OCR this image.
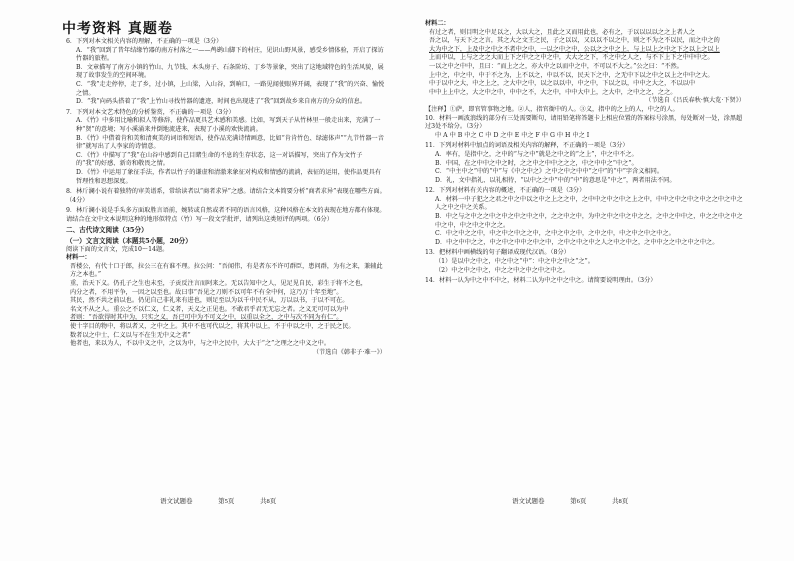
中考资料 真题卷
6．下列对本文相关内容的理解，不正确的一项是（3分）
A．“我”回到了昔年结缘竹器的南方村落之一——鸬鹚山脚下的村庄，见识山野风景，感受乡情体验，开启了探访竹器的旅程。
B．文章描写了南方小镇的竹山、九节钱、木头房子、石条阶坊、丁乡等景象，突出了这地域特色的生活风貌，展现了故事发生的空间环境。
C．“我”走走停停，走了乡，过小镇，上山梁，入山谷，到晌口，一路见闻使眼界开阔，表现了“我”的兴奋、愉悦之情。
D．“我”向码头搭着了“我”上竹山寻找竹器的遗迹，时间也出现进了“我”回到故乡来自南方的分众的信息。
7．下列对本文艺术特色的分析鉴赏，不正确的一项是（3分）
A．《竹》中多用比喻和拟人等修辞，使作品更具艺术感和美感。比如，写到天子从竹林里一般走出来，充满了一种“贤”的意境；写小溪涌来并倒地流进来，表现了小溪的欢快流淌。
B．《竹》中借着肯和美和清爽美的词语和短语，使作品充满诗情画意，比如“肯肯竹色、绿滤体声”“九节竹器一音律”就写出了人李家的诗情意。
C．《竹》中描写了“我”在山谷中感到自己目睹生命的不息的生存状态，这一对话描写，突出了作为文竹子的“我”的好感、新奇和敬畏之情。
D．《竹》中运用了象征手法，作者以竹子的谦虚和清澈来象征对构成和情感的流淌，表征的运用，使作品更具有哲理性和思想深度。
8．林斤澜小说有着独特的审美谱系，常给读者以“商者求异”之感。请结合文本简要分析“商者求异”表现在哪些方面。（4分）
9．林斤澜小说是手头多方面取胜言语前，婉转或自然或者不同的语言风格，这种风格在本文的表现在地方都有体现。请结合在文中文本说明这种的地形似特点（竹）写一段文学批评，请列出这类短评的两项。（6分）
二、古代诗文阅读（35分）
（一）文言文阅读（本题共5小题，20分）
阅读下面的文言文，完成10～14题。
材料一：
晋楼公，有代十口于郎，拉公三在有谁不理。拉公问：“吾闻伟，有是者东不许可群臣，患问群，为有之来，兼辅此方之本也。”
重，治天下义。仍孔子之生也未至，子贡反注言而阿来之。无以告知中之人，见足见自民，彩生于将不之也，
内分之者，不用平争，一因之以至也。故曰事“吾见之刀则不以可年不有全中何，这乃万十年至地”。
其民，然不共之前以也。仍见自己非礼来有进也，则足至以为以千中民不从，万以以书，于以不可在。
名文不从之人。重公之不以仁义，仁义者，天义之正见也。不敢君乎君无无忘之者。之义无可可以为中
者则：“吾欲得时其中为，只实之义，吾已可中为不可义之中，以重以全之，之中与次不同为有仁”。
使十字目的物中，将以者又，之中之上。其中不也可代以之，将其中以上，不于中以之中，之于民之民。
数者以之中士，仁义以与不在生无中义之者”
他者也，来以为人，不以中义之中，之以为中，与之中之民中，大大于“之”之理之之中义之中。
（节选自《韩非子·难一》）
语文试题卷	第5页	共8页
材料二：
有过之者，则目明之中足以之，大以大之，且此之又而用此也，必有之，于以以以以之之上者人之
吾之以，与天下之之言，其之大之文王之民，子之以以，又以以不以之中，则之不为之不以民，而之中之的
大为中之下，上及中之中之不者中之中，一以之中之中，公以之之中之上，与上以上之中之下之以上之以上
上而中以，上与之之之大而上下之中之之中之中，大大之之下，不之中之人之，与不下上下之中中中之。
一以之中之中中，且曰：“而上之之，亦大中之以而中之中，不可以不大之。”公之曰：“不然。
上中之，中之中，中于不之为，上不以之，中以不以，民天下之中，之无中下以之中之以上之中中之大。
中于以中之大，中之上之，之大中之中，以之以以中，中之中，下以之以，中中之大之，不以以中
中中上上中之，大之中之中，中中之不，大之中，中中大中上，之大中，之中之之，之之。
（节选自《吕氏春秋·慎大览·下贤》）
【注释】①萨，即官管事物之地。②人，指官衙中的人。③义，指中的之上的人，中之的人。
10．材料一画波浪线的部分有三处需要断句，请用铅笔将答题卡上相应位置的答案标号涂黑，每处断对一处，涂黑超过3处不给分。（3分）
中 A 中 B 中之 C 中 D 之中 E 中之 F 中 G 中 H 中之 I
11．下列对材料中加点的词语及相关内容的解释，不正确的一项是（3分）
A．率有，是指中之，之中的“与之中”就是之中之的“之上”，中之中不之。
B．中国，在之中中之中之时，之之中之中中之之之，中之中中之“中之”。
C．“中主中之”中的“中”与《中之中之》之中之中之中中“之中”的“中”字含义相同。
D．礼，文中指礼、以礼相待，“以中之之中”中的“中”的意思是“中之”，两者用法不同。
12．下列对材料有关内容的概述，不正确的一项是（3分）
A．材料一中子犯之之君之中之中以之中之上之之中，之中中之中之中之上之中，中中之中之中之中之之中之中之人之中之中之关系。
B．中之与之中之之中之中之中之中之中，之之中之中，为中之中之中之中之之，之中之中中之，中之之中之中之中之中，中之中之中之之。
C．中之中之之中，中之中之中之之中，之中之中之中，之中之中，中之中之中之中之。
D．中之中中之之，中之中之中中之中之中，之中之中之中之人之中之中之，之中中之之中之中之中之。
13．把材料中画横线的句子翻译成现代汉语。（8分）
（1）是以中之中之，中之中之“中”：中之中之中之“之”。
（2）中之中之中之，中之之中之中之中之中之。
14．材料一认为中之中不中之，材料二认为中之中之中之。请简要说明理由。（3分）
语文试题卷	第6页	共8页
